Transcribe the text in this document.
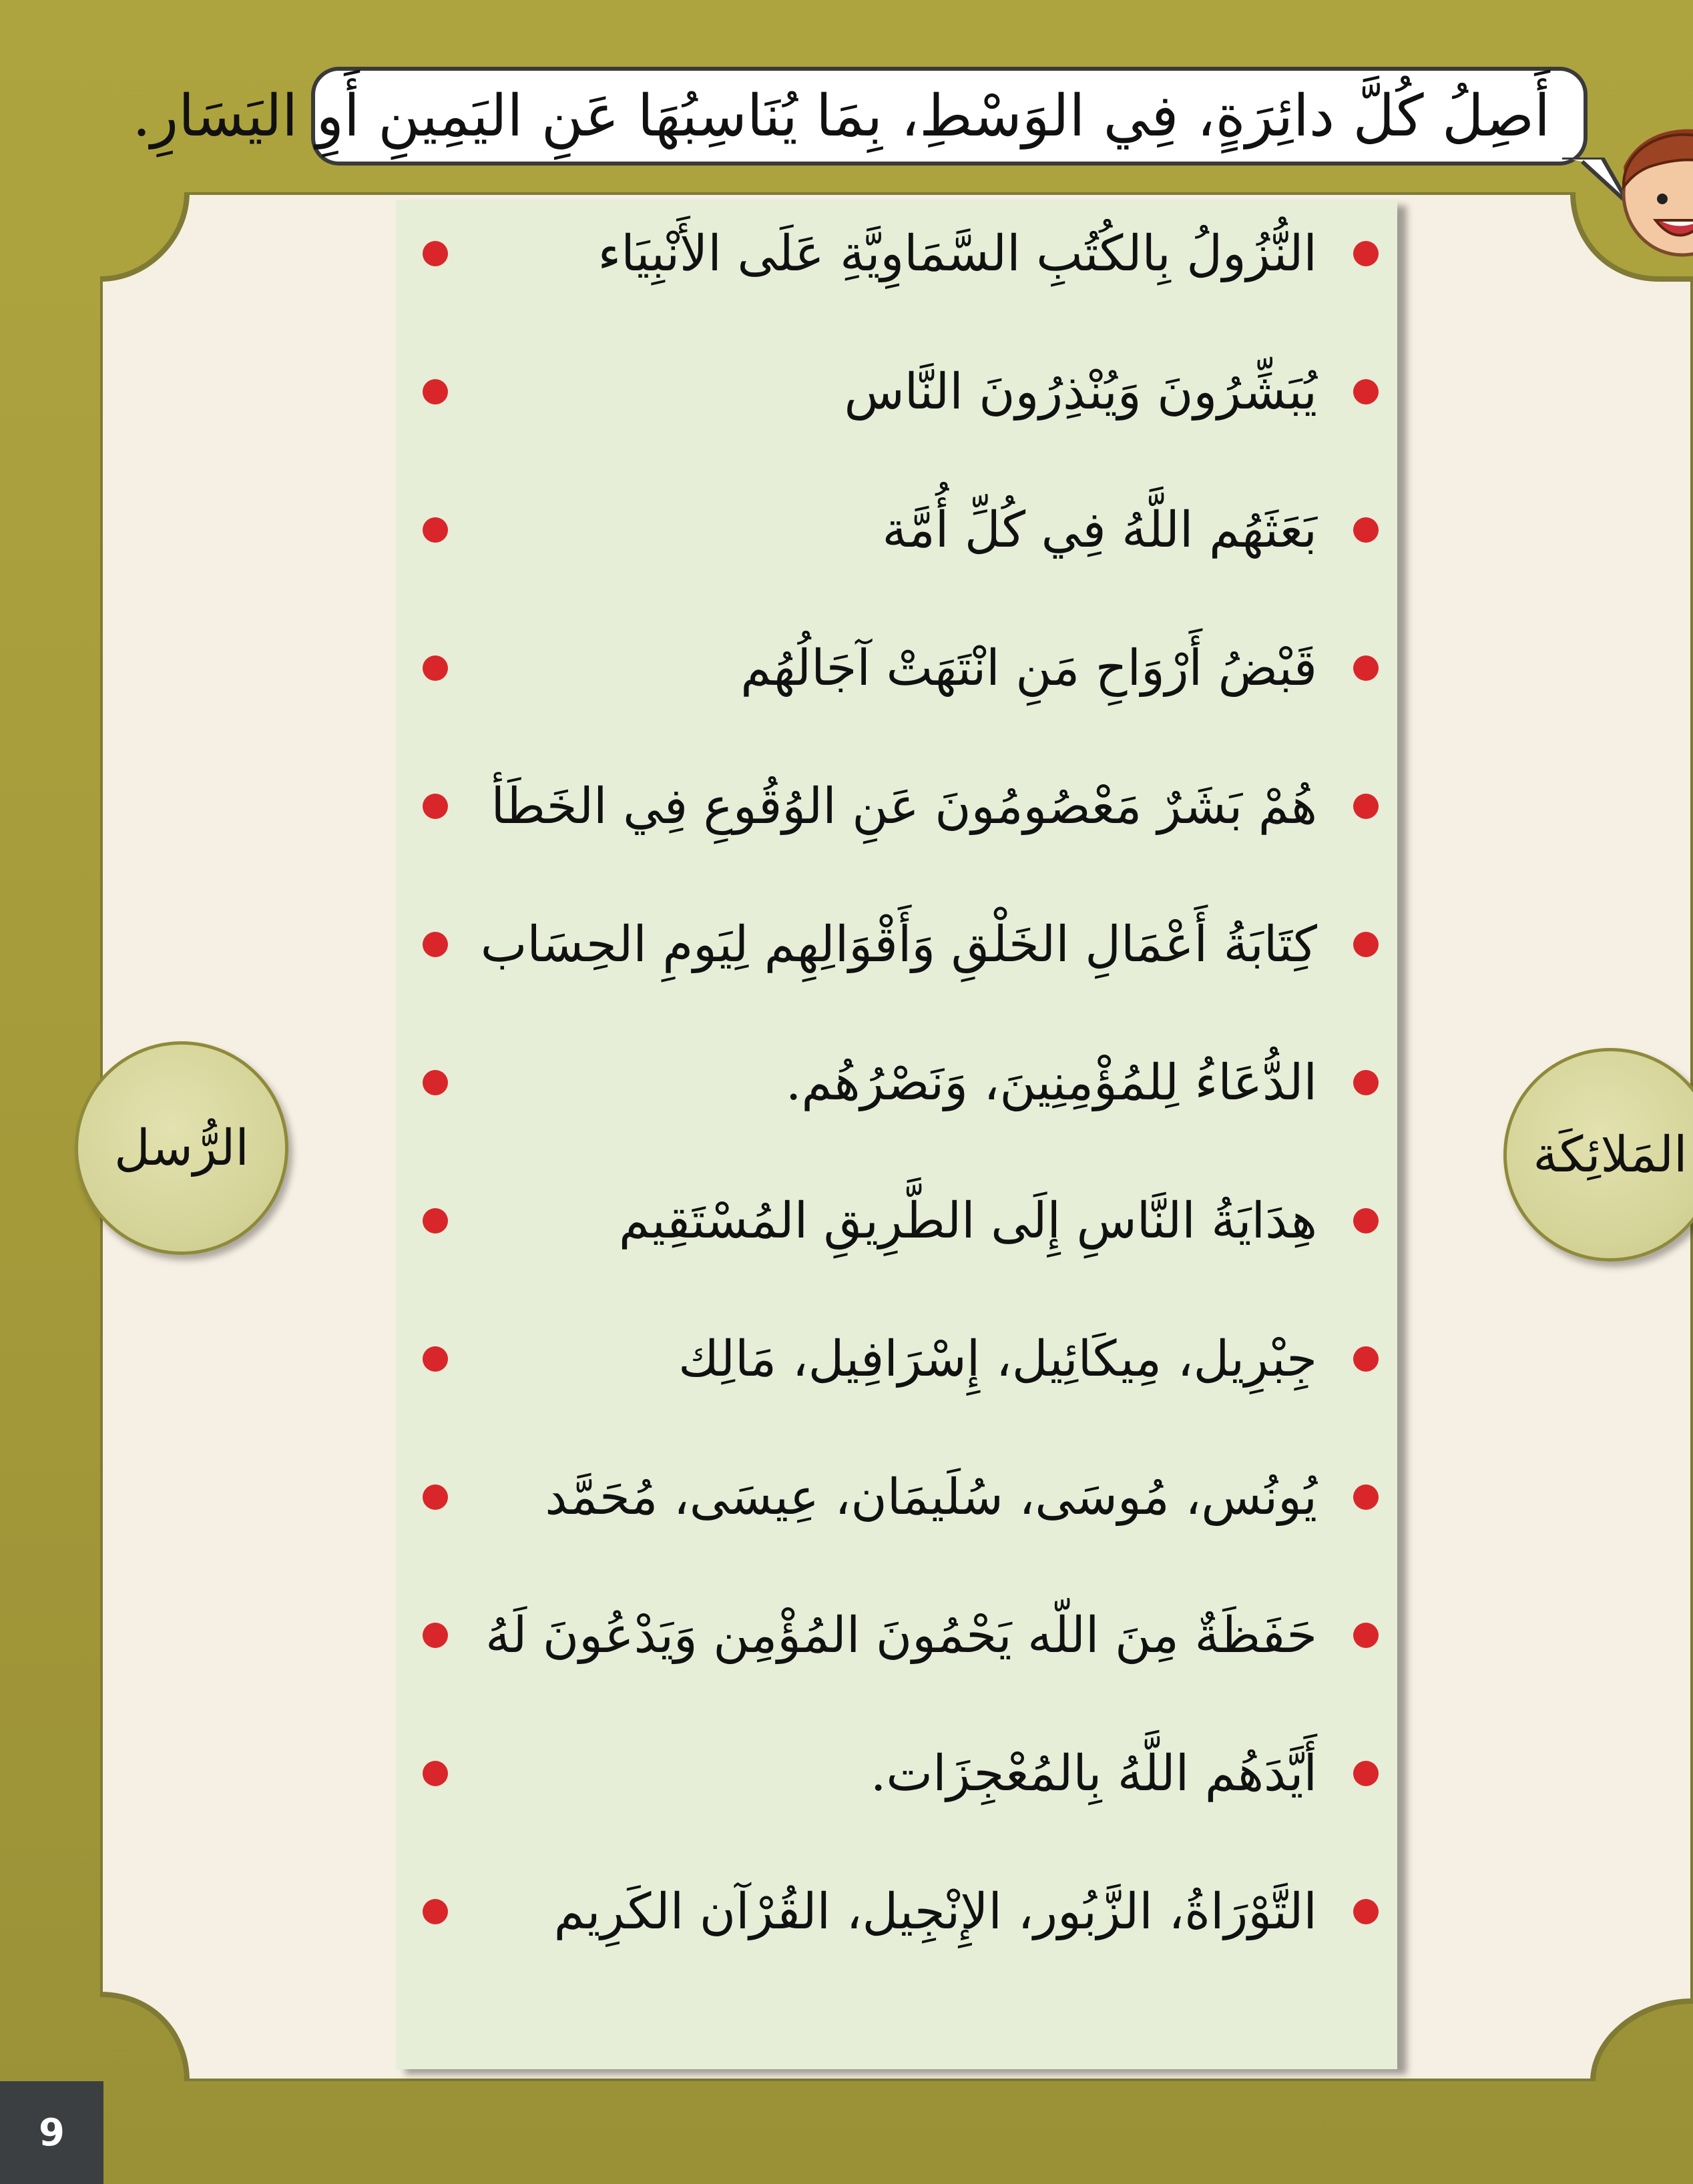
أَصِلُ كُلَّ دائِرَةٍ، فِي الوَسْطِ، بِمَا يُنَاسِبُهَا عَنِ اليَمِينِ أَوِ اليَسَارِ.
النُّزُولُ بِالكُتُبِ السَّمَاوِيَّةِ عَلَى الأَنْبِيَاء
يُبَشِّرُونَ وَيُنْذِرُونَ النَّاس
بَعَثَهُم اللَّهُ فِي كُلِّ أُمَّة
قَبْضُ أَرْوَاحِ مَنِ انْتَهَتْ آجَالُهُم
هُمْ بَشَرٌ مَعْصُومُونَ عَنِ الوُقُوعِ فِي الخَطَأ
كِتَابَةُ أَعْمَالِ الخَلْقِ وَأَقْوَالِهِم لِيَومِ الحِسَاب
الدُّعَاءُ لِلمُؤْمِنِينَ، وَنَصْرُهُم.
هِدَايَةُ النَّاسِ إِلَى الطَّرِيقِ المُسْتَقِيم
جِبْرِيل، مِيكَائِيل، إِسْرَافِيل، مَالِك
يُونُس، مُوسَى، سُلَيمَان، عِيسَى، مُحَمَّد
حَفَظَةٌ مِنَ اللّه يَحْمُونَ المُؤْمِن وَيَدْعُونَ لَهُ
أَيَّدَهُم اللَّهُ بِالمُعْجِزَات.
التَّوْرَاةُ، الزَّبُور، الإِنْجِيل، القُرْآن الكَرِيم
الرُّسل	المَلائِكَة
9
